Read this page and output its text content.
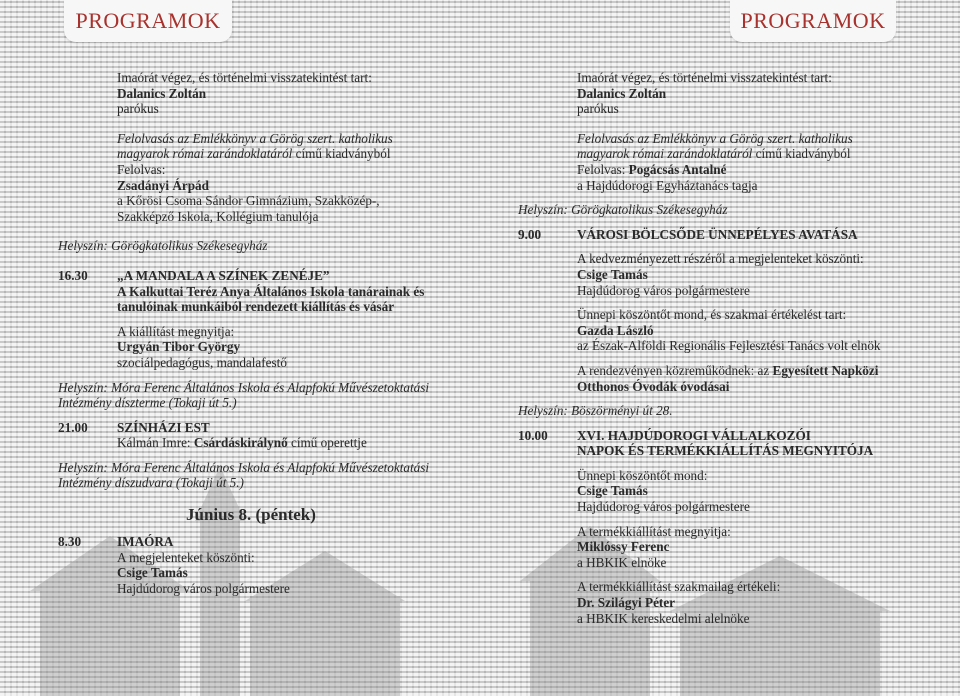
PROGRAMOK	PROGRAMOK
Imaórát végez, és történelmi visszatekintést tart:
Dalanics Zoltán
parókus
Felolvasás az Emlékkönyv a Görög szert. katholikus
magyarok római zarándoklatáról című kiadványból
Felolvas:
Zsadányi Árpád
a Kőrösi Csoma Sándor Gimnázium, Szakközép-,
Szakképző Iskola, Kollégium tanulója
Helyszín: Görögkatolikus Székesegyház
16.30	„A MANDALA A SZÍNEK ZENÉJE”
A Kalkuttai Teréz Anya Általános Iskola tanárainak és
tanulóinak munkáiból rendezett kiállítás és vásár
A kiállítást megnyitja:
Urgyán Tibor György
szociálpedagógus, mandalafestő
Helyszín: Móra Ferenc Általános Iskola és Alapfokú Művészetoktatási
Intézmény díszterme (Tokaji út 5.)
21.00	SZÍNHÁZI EST
Kálmán Imre: Csárdáskirálynő című operettje
Helyszín: Móra Ferenc Általános Iskola és Alapfokú Művészetoktatási
Intézmény díszudvara (Tokaji út 5.)
Június 8. (péntek)
8.30	IMAÓRA
A megjelenteket köszönti:
Csige Tamás
Hajdúdorog város polgármestere
Imaórát végez, és történelmi visszatekintést tart:
Dalanics Zoltán
parókus
Felolvasás az Emlékkönyv a Görög szert. katholikus
magyarok római zarándoklatáról című kiadványból
Felolvas: Pogácsás Antalné
a Hajdúdorogi Egyháztanács tagja
Helyszín: Görögkatolikus Székesegyház
9.00	VÁROSI BÖLCSŐDE ÜNNEPÉLYES AVATÁSA
A kedvezményezett részéről a megjelenteket köszönti:
Csige Tamás
Hajdúdorog város polgármestere
Ünnepi köszöntőt mond, és szakmai értékelést tart:
Gazda László
az Észak-Alföldi Regionális Fejlesztési Tanács volt elnök
A rendezvényen közreműködnek: az Egyesített Napközi
Otthonos Óvodák óvodásai
Helyszín: Böszörményi út 28.
10.00	XVI. HAJDÚDOROGI VÁLLALKOZÓI
NAPOK ÉS TERMÉKKIÁLLÍTÁS MEGNYITÓJA
Ünnepi köszöntőt mond:
Csige Tamás
Hajdúdorog város polgármestere
A termékkiállítást megnyitja:
Miklóssy Ferenc
a HBKIK elnöke
A termékkiállítást szakmailag értékeli:
Dr. Szilágyi Péter
a HBKIK kereskedelmi alelnöke
